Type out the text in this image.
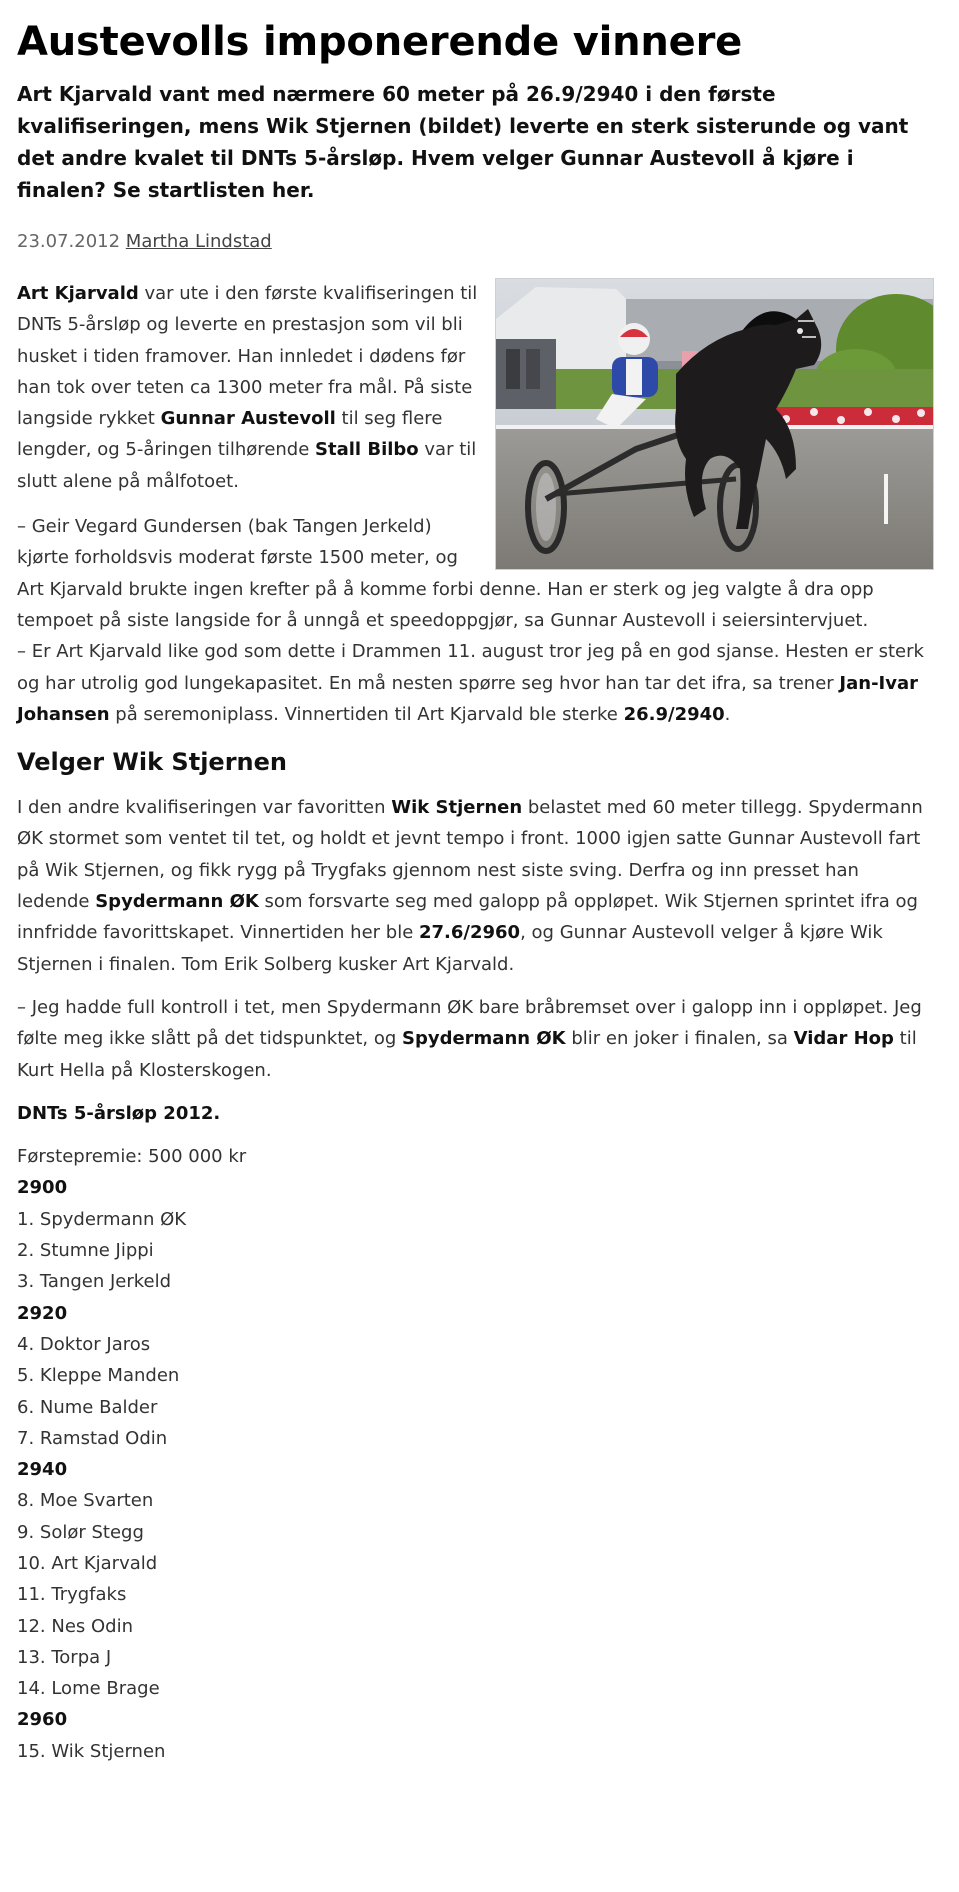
Austevolls imponerende vinnere
Art Kjarvald vant med nærmere 60 meter på 26.9/2940 i den første kvalifiseringen, mens Wik Stjernen (bildet) leverte en sterk sisterunde og vant det andre kvalet til DNTs 5-årsløp. Hvem velger Gunnar Austevoll å kjøre i finalen? Se startlisten her.
23.07.2012 Martha Lindstad

Art Kjarvald var ute i den første kvalifiseringen til DNTs 5-årsløp og leverte en prestasjon som vil bli husket i tiden framover. Han innledet i dødens før han tok over teten ca 1300 meter fra mål. På siste langside rykket Gunnar Austevoll til seg flere lengder, og 5-åringen tilhørende Stall Bilbo var til slutt alene på målfotoet.

– Geir Vegard Gundersen (bak Tangen Jerkeld) kjørte forholdsvis moderat første 1500 meter, og Art Kjarvald brukte ingen krefter på å komme forbi denne. Han er sterk og jeg valgte å dra opp tempoet på siste langside for å unngå et speedoppgjør, sa Gunnar Austevoll i seiersintervjuet.

– Er Art Kjarvald like god som dette i Drammen 11. august tror jeg på en god sjanse. Hesten er sterk og har utrolig god lungekapasitet. En må nesten spørre seg hvor han tar det ifra, sa trener Jan-Ivar Johansen på seremoniplass. Vinnertiden til Art Kjarvald ble sterke 26.9/2940.

Velger Wik Stjernen

I den andre kvalifiseringen var favoritten Wik Stjernen belastet med 60 meter tillegg. Spydermann ØK stormet som ventet til tet, og holdt et jevnt tempo i front. 1000 igjen satte Gunnar Austevoll fart på Wik Stjernen, og fikk rygg på Trygfaks gjennom nest siste sving. Derfra og inn presset han ledende Spydermann ØK som forsvarte seg med galopp på oppløpet. Wik Stjernen sprintet ifra og innfridde favorittskapet. Vinnertiden her ble 27.6/2960, og Gunnar Austevoll velger å kjøre Wik Stjernen i finalen. Tom Erik Solberg kusker Art Kjarvald.

– Jeg hadde full kontroll i tet, men Spydermann ØK bare bråbremset over i galopp inn i oppløpet. Jeg følte meg ikke slått på det tidspunktet, og Spydermann ØK blir en joker i finalen, sa Vidar Hop til Kurt Hella på Klosterskogen.

DNTs 5-årsløp 2012.

Førstepremie: 500 000 kr

2900
1. Spydermann ØK
2. Stumne Jippi
3. Tangen Jerkeld
2920
4. Doktor Jaros
5. Kleppe Manden
6. Nume Balder
7. Ramstad Odin
2940
8. Moe Svarten
9. Solør Stegg
10. Art Kjarvald
11. Trygfaks
12. Nes Odin
13. Torpa J
14. Lome Brage
2960
15. Wik Stjernen
